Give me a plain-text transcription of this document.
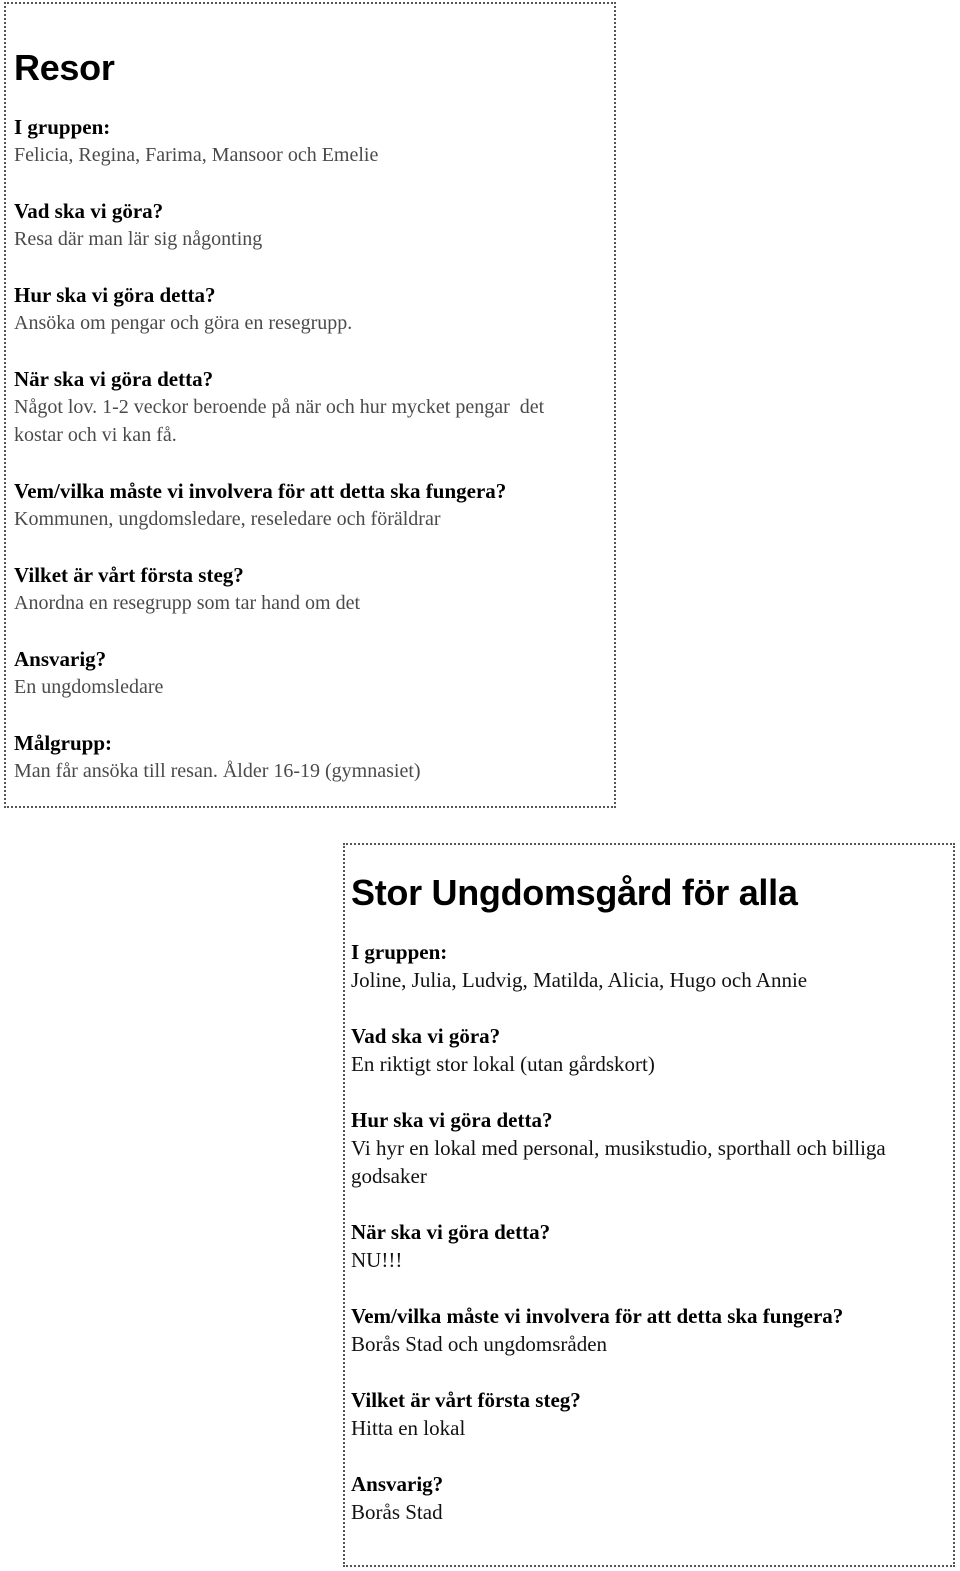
Resor
I gruppen:
Felicia, Regina, Farima, Mansoor och Emelie
Vad ska vi göra?
Resa där man lär sig någonting
Hur ska vi göra detta?
Ansöka om pengar och göra en resegrupp.
När ska vi göra detta?
Något lov. 1-2 veckor beroende på när och hur mycket pengar  det kostar och vi kan få.
Vem/vilka måste vi involvera för att detta ska fungera?
Kommunen, ungdomsledare, reseledare och föräldrar
Vilket är vårt första steg?
Anordna en resegrupp som tar hand om det
Ansvarig?
En ungdomsledare
Målgrupp:
Man får ansöka till resan. Ålder 16-19 (gymnasiet)
Stor Ungdomsgård för alla
I gruppen:
Joline, Julia, Ludvig, Matilda, Alicia, Hugo och Annie
Vad ska vi göra?
En riktigt stor lokal (utan gårdskort)
Hur ska vi göra detta?
Vi hyr en lokal med personal, musikstudio, sporthall och billiga godsaker
När ska vi göra detta?
NU!!!
Vem/vilka måste vi involvera för att detta ska fungera?
Borås Stad och ungdomsråden
Vilket är vårt första steg?
Hitta en lokal
Ansvarig?
Borås Stad
